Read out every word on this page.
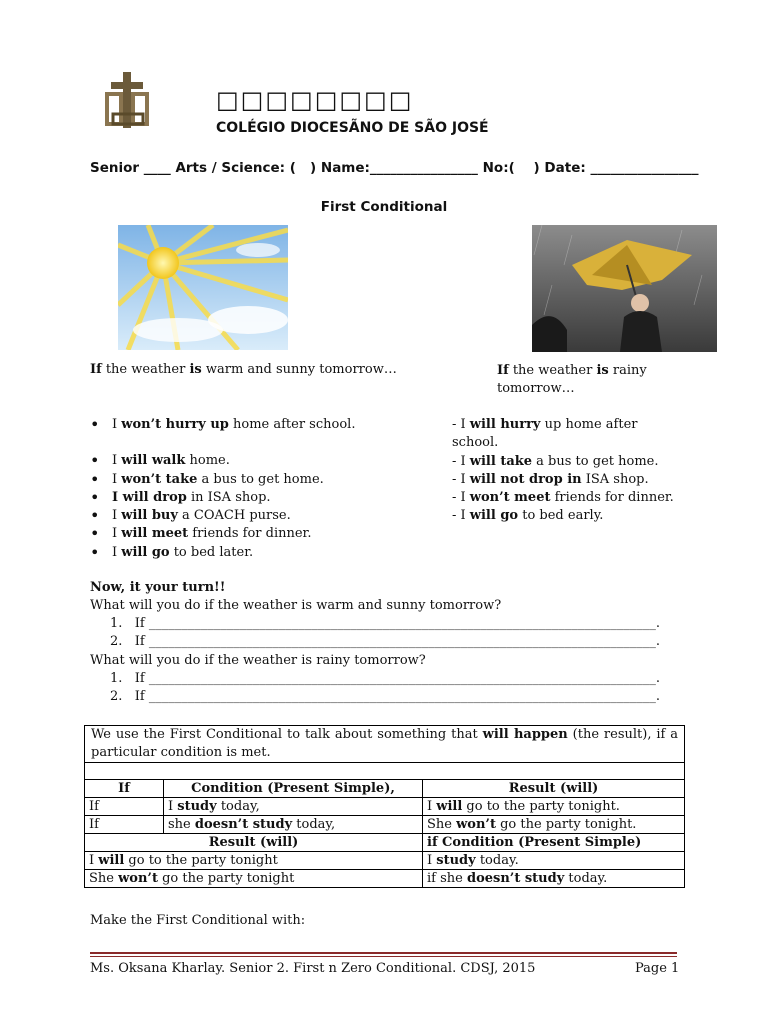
□□□□□□□□
COLÉGIO DIOCESÃNO DE SÃO JOSÉ
Senior ____ Arts / Science: (   ) Name:________________ No:(    ) Date: ________________
First Conditional
If the weather is warm and sunny tomorrow…	If the weather is rainy
tomorrow…
• I won’t hurry up home after school.
• I will walk home.
• I won’t take a bus to get home.
• I will drop in ISA shop.
• I will buy a COACH purse.
• I will meet friends for dinner.
• I will go to bed later.
- I will hurry up home after
school.
- I will take a bus to get home.
- I will not drop in ISA shop.
- I won’t meet friends for dinner.
- I will go to bed early.
Now, it your turn!!
What will you do if the weather is warm and sunny tomorrow?
1.   If ______________________________________________________________________________.
2.   If ______________________________________________________________________________.
What will you do if the weather is rainy tomorrow?
1.   If ______________________________________________________________________________.
2.   If ______________________________________________________________________________.
We use the First Conditional to talk about something that will happen (the result), if a particular condition is met.		

If	Condition (Present Simple),	Result (will)
If	I study today,	I will go to the party tonight.
If	she doesn’t study today,	She won’t go the party tonight.
Result (will)		if Condition (Present Simple)
I will go to the party tonight		I study today.
She won’t go the party tonight		if she doesn’t study today.
Make the First Conditional with:
Ms. Oksana Kharlay. Senior 2. First n Zero Conditional. CDSJ, 2015	Page 1
